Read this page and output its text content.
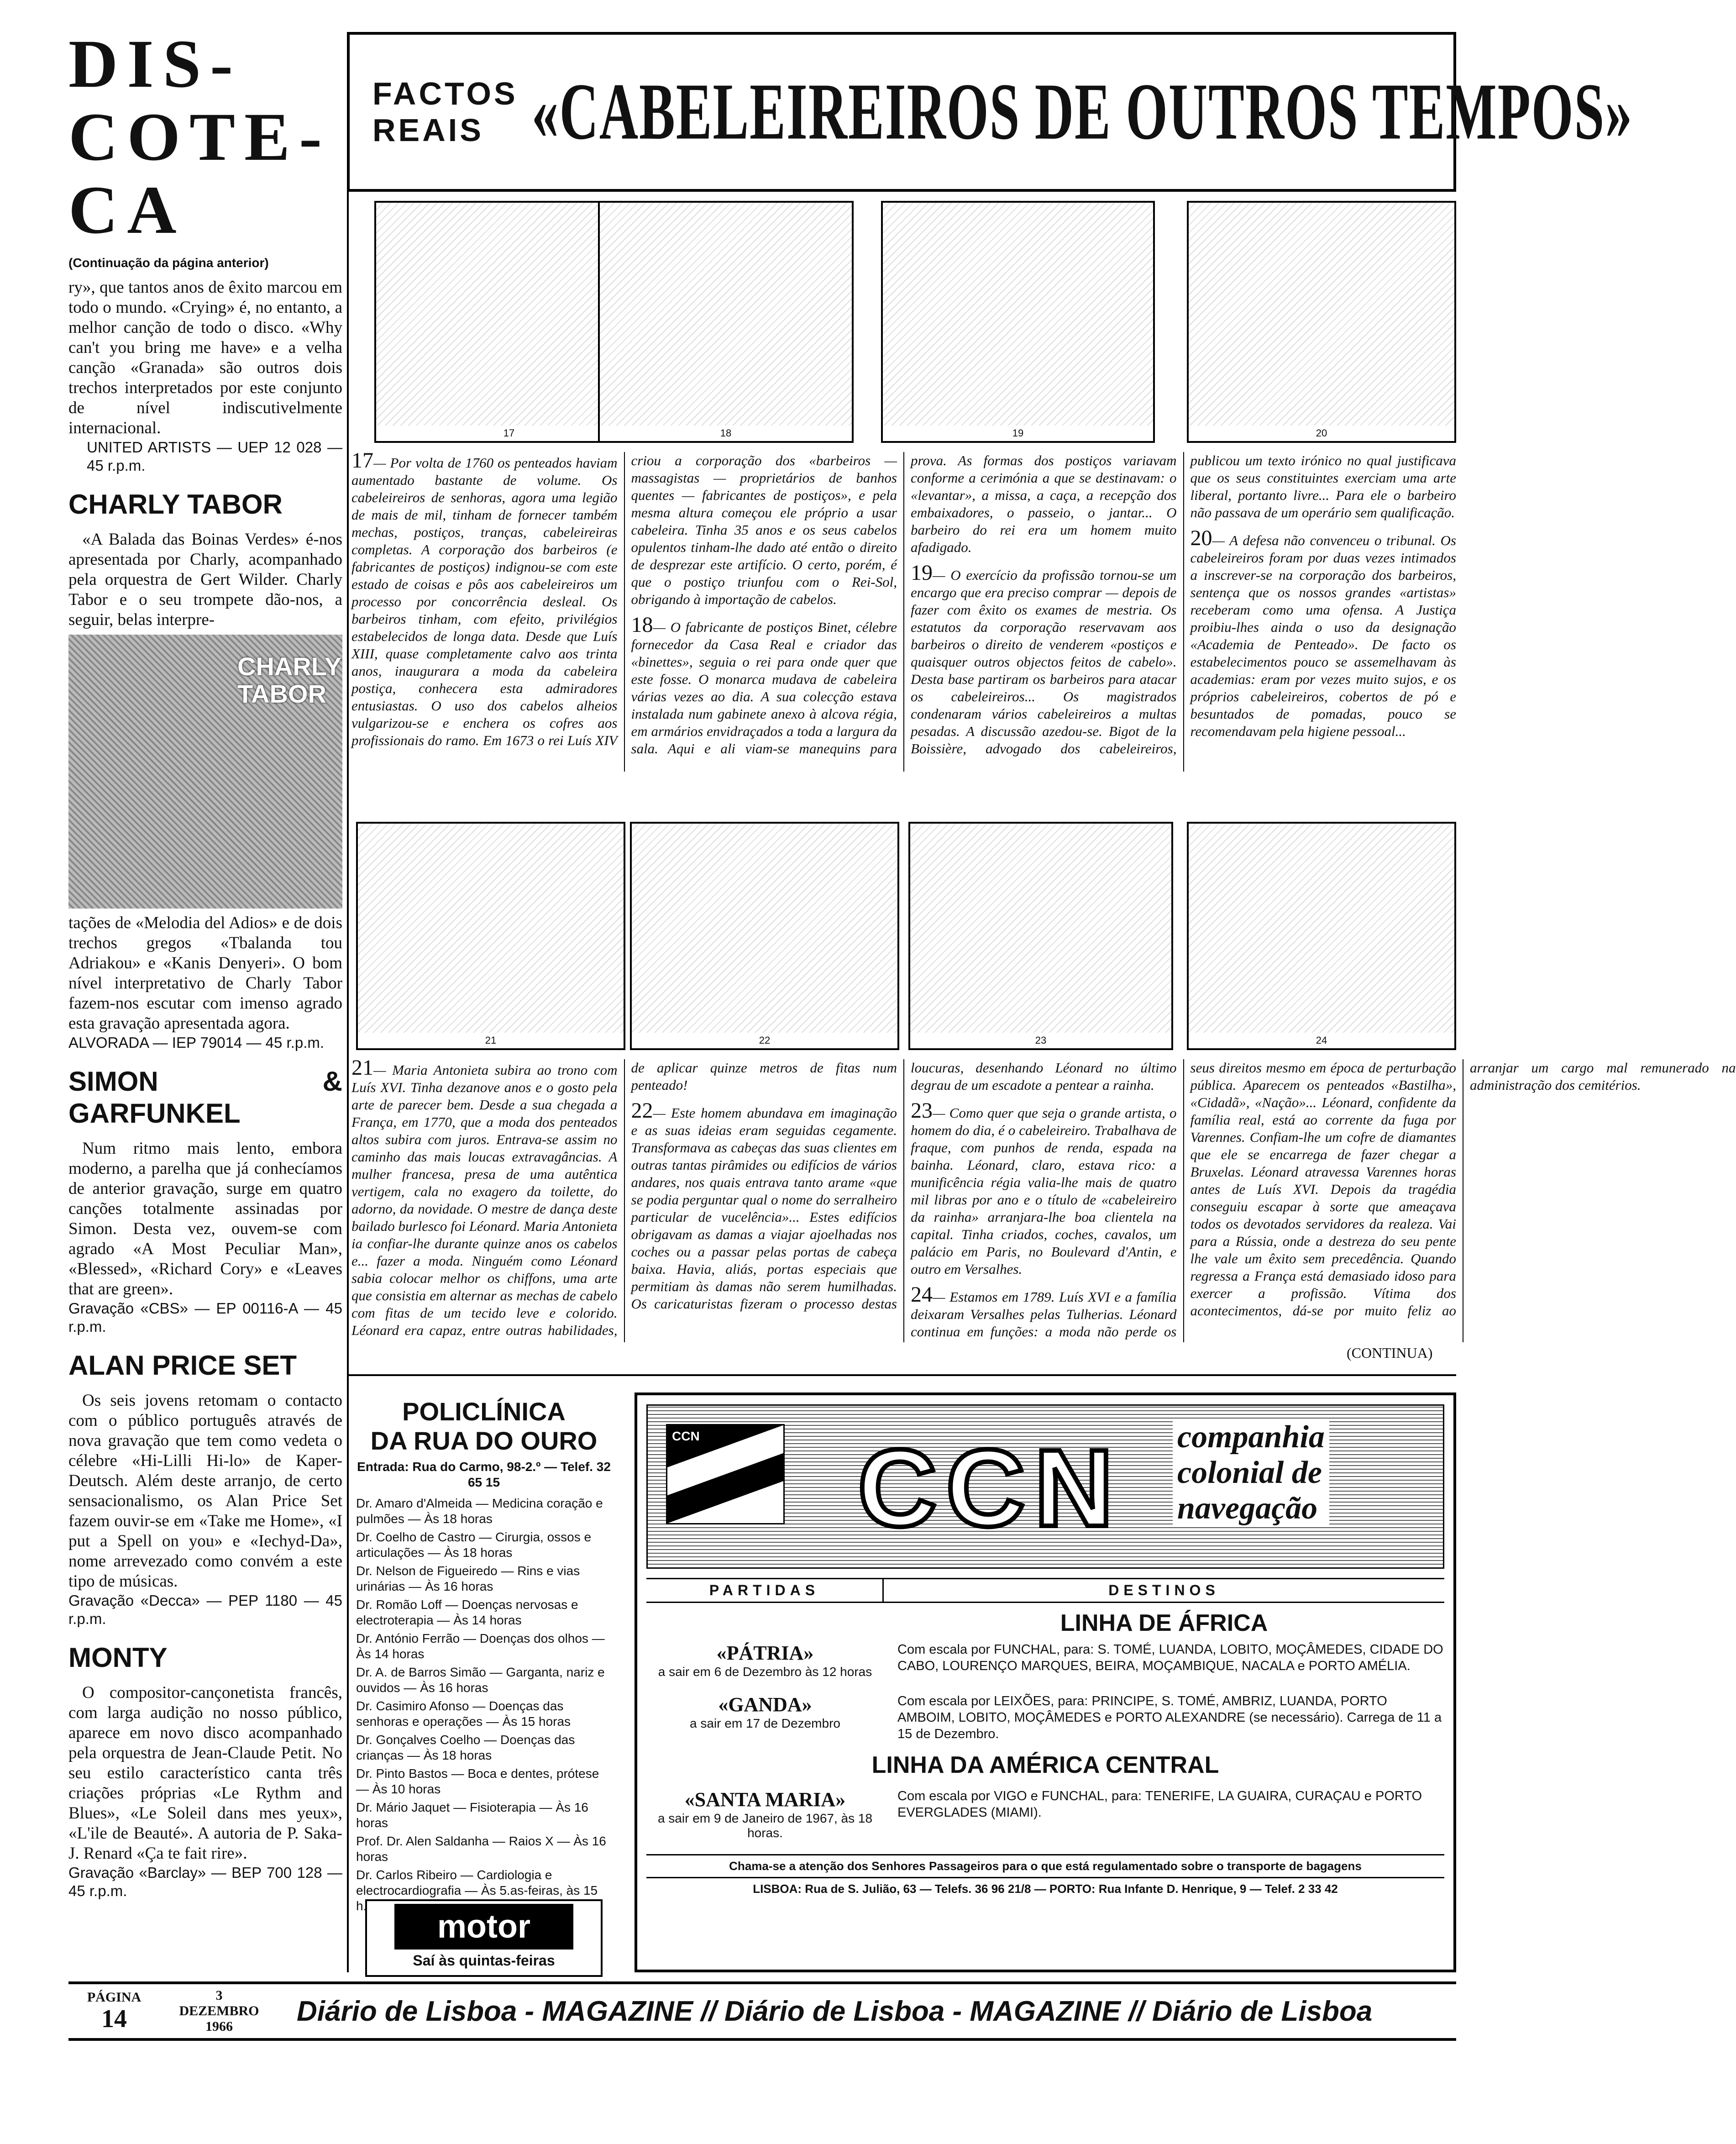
DIS-
COTE-
CA
(Continuação da página anterior)

ry», que tantos anos de êxito marcou em todo o mundo. «Crying» é, no entanto, a melhor canção de todo o disco. «Why can't you bring me have» e a velha canção «Granada» são outros dois trechos interpretados por este conjunto de nível indiscutivelmente internacional.

UNITED ARTISTS — UEP 12 028 — 45 r.p.m.
CHARLY TABOR

«A Balada das Boinas Verdes» é-nos apresentada por Charly, acompanhado pela orquestra de Gert Wilder. Charly Tabor e o seu trompete dão-nos, a seguir, belas interpre-

CHARLY TABOR

tações de «Melodia del Adios» e de dois trechos gregos «Tbalanda tou Adriakou» e «Kanis Denyeri». O bom nível interpretativo de Charly Tabor fazem-nos escutar com imenso agrado esta gravação apresentada agora.

ALVORADA — IEP 79014 — 45 r.p.m.
SIMON & GARFUNKEL

Num ritmo mais lento, embora moderno, a parelha que já conhecíamos de anterior gravação, surge em quatro canções totalmente assinadas por Simon. Desta vez, ouvem-se com agrado «A Most Peculiar Man», «Blessed», «Richard Cory» e «Leaves that are green».

Gravação «CBS» — EP 00116-A — 45 r.p.m.
ALAN PRICE SET

Os seis jovens retomam o contacto com o público português através de nova gravação que tem como vedeta o célebre «Hi-Lilli Hi-lo» de Kaper-Deutsch. Além deste arranjo, de certo sensacionalismo, os Alan Price Set fazem ouvir-se em «Take me Home», «I put a Spell on you» e «Iechyd-Da», nome arrevezado como convém a este tipo de músicas.

Gravação «Decca» — PEP 1180 — 45 r.p.m.
MONTY

O compositor-cançonetista francês, com larga audição no nosso público, aparece em novo disco acompanhado pela orquestra de Jean-Claude Petit. No seu estilo característico canta três criações próprias «Le Rythm and Blues», «Le Soleil dans mes yeux», «L'ile de Beauté». A autoria de P. Saka-J. Renard «Ça te fait rire».

Gravação «Barclay» — BEP 700 128 — 45 r.p.m.
FACTOS
REAIS «CABELEIREIROS DE OUTROS TEMPOS»
17	18	19	20

17— Por volta de 1760 os penteados haviam aumentado bastante de volume. Os cabeleireiros de senhoras, agora uma legião de mais de mil, tinham de fornecer também mechas, postiços, tranças, cabeleireiras completas. A corporação dos barbeiros (e fabricantes de postiços) indignou-se com este estado de coisas e pôs aos cabeleireiros um processo por concorrência desleal. Os barbeiros tinham, com efeito, privilégios estabelecidos de longa data. Desde que Luís XIII, quase completamente calvo aos trinta anos, inaugurara a moda da cabeleira postiça, conhecera esta admiradores entusiastas. O uso dos cabelos alheios vulgarizou-se e enchera os cofres aos profissionais do ramo. Em 1673 o rei Luís XIV criou a corporação dos «barbeiros — massagistas — proprietários de banhos quentes — fabricantes de postiços», e pela mesma altura começou ele próprio a usar cabeleira. Tinha 35 anos e os seus cabelos opulentos tinham-lhe dado até então o direito de desprezar este artifício. O certo, porém, é que o postiço triunfou com o Rei-Sol, obrigando à importação de cabelos.

18— O fabricante de postiços Binet, célebre fornecedor da Casa Real e criador das «binettes», seguia o rei para onde quer que este fosse. O monarca mudava de cabeleira várias vezes ao dia. A sua colecção estava instalada num gabinete anexo à alcova régia, em armários envidraçados a toda a largura da sala. Aqui e ali viam-se manequins para prova. As formas dos postiços variavam conforme a cerimónia a que se destinavam: o «levantar», a missa, a caça, a recepção dos embaixadores, o passeio, o jantar... O barbeiro do rei era um homem muito afadigado.

19— O exercício da profissão tornou-se um encargo que era preciso comprar — depois de fazer com êxito os exames de mestria. Os estatutos da corporação reservavam aos barbeiros o direito de venderem «postiços e quaisquer outros objectos feitos de cabelo». Desta base partiram os barbeiros para atacar os cabeleireiros... Os magistrados condenaram vários cabeleireiros a multas pesadas. A discussão azedou-se. Bigot de la Boissière, advogado dos cabeleireiros, publicou um texto irónico no qual justificava que os seus constituintes exerciam uma arte liberal, portanto livre... Para ele o barbeiro não passava de um operário sem qualificação.

20— A defesa não convenceu o tribunal. Os cabeleireiros foram por duas vezes intimados a inscrever-se na corporação dos barbeiros, sentença que os nossos grandes «artistas» receberam como uma ofensa. A Justiça proibiu-lhes ainda o uso da designação «Academia de Penteado». De facto os estabelecimentos pouco se assemelhavam às academias: eram por vezes muito sujos, e os próprios cabeleireiros, cobertos de pó e besuntados de pomadas, pouco se recomendavam pela higiene pessoal...

21	22	23	24

21— Maria Antonieta subira ao trono com Luís XVI. Tinha dezanove anos e o gosto pela arte de parecer bem. Desde a sua chegada a França, em 1770, que a moda dos penteados altos subira com juros. Entrava-se assim no caminho das mais loucas extravagâncias. A mulher francesa, presa de uma autêntica vertigem, cala no exagero da toilette, do adorno, da novidade. O mestre de dança deste bailado burlesco foi Léonard. Maria Antonieta ia confiar-lhe durante quinze anos os cabelos e... fazer a moda. Ninguém como Léonard sabia colocar melhor os chiffons, uma arte que consistia em alternar as mechas de cabelo com fitas de um tecido leve e colorido. Léonard era capaz, entre outras habilidades, de aplicar quinze metros de fitas num penteado!

22— Este homem abundava em imaginação e as suas ideias eram seguidas cegamente. Transformava as cabeças das suas clientes em outras tantas pirâmides ou edifícios de vários andares, nos quais entrava tanto arame «que se podia perguntar qual o nome do serralheiro particular de vucelência»... Estes edifícios obrigavam as damas a viajar ajoelhadas nos coches ou a passar pelas portas de cabeça baixa. Havia, aliás, portas especiais que permitiam às damas não serem humilhadas. Os caricaturistas fizeram o processo destas loucuras, desenhando Léonard no último degrau de um escadote a pentear a rainha.

23— Como quer que seja o grande artista, o homem do dia, é o cabeleireiro. Trabalhava de fraque, com punhos de renda, espada na bainha. Léonard, claro, estava rico: a munificência régia valia-lhe mais de quatro mil libras por ano e o título de «cabeleireiro da rainha» arranjara-lhe boa clientela na capital. Tinha criados, coches, cavalos, um palácio em Paris, no Boulevard d'Antin, e outro em Versalhes.

24— Estamos em 1789. Luís XVI e a família deixaram Versalhes pelas Tulherias. Léonard continua em funções: a moda não perde os seus direitos mesmo em época de perturbação pública. Aparecem os penteados «Bastilha», «Cidadã», «Nação»... Léonard, confidente da família real, está ao corrente da fuga por Varennes. Confiam-lhe um cofre de diamantes que ele se encarrega de fazer chegar a Bruxelas. Léonard atravessa Varennes horas antes de Luís XVI. Depois da tragédia conseguiu escapar à sorte que ameaçava todos os devotados servidores da realeza. Vai para a Rússia, onde a destreza do seu pente lhe vale um êxito sem precedência. Quando regressa a França está demasiado idoso para exercer a profissão. Vítima dos acontecimentos, dá-se por muito feliz ao arranjar um cargo mal remunerado na administração dos cemitérios.

(CONTINUA)
POLICLÍNICA
DA RUA DO OURO
Entrada: Rua do Carmo, 98-2.º — Telef. 32 65 15
Dr. Amaro d'Almeida — Medicina coração e pulmões — Às 18 horas
Dr. Coelho de Castro — Cirurgia, ossos e articulações — Às 18 horas
Dr. Nelson de Figueiredo — Rins e vias urinárias — Às 16 horas
Dr. Romão Loff — Doenças nervosas e electroterapia — Às 14 horas
Dr. António Ferrão — Doenças dos olhos — Às 14 horas
Dr. A. de Barros Simão — Garganta, nariz e ouvidos — Às 16 horas
Dr. Casimiro Afonso — Doenças das senhoras e operações — Às 15 horas
Dr. Gonçalves Coelho — Doenças das crianças — Às 18 horas
Dr. Pinto Bastos — Boca e dentes, prótese — Às 10 horas
Dr. Mário Jaquet — Fisioterapia — Às 16 horas
Prof. Dr. Alen Saldanha — Raios X — Às 16 horas
Dr. Carlos Ribeiro — Cardiologia e electrocardiografia — Às 5.as-feiras, às 15 h.
motor
Saí às quintas-feiras
CCN CCN companhia
colonial de
navegação
PARTIDAS	DESTINOS
LINHA DE ÁFRICA
«PÁTRIA»
a sair em 6 de Dezembro às 12 horas
Com escala por FUNCHAL, para: S. TOMÉ, LUANDA, LOBITO, MOÇÂMEDES, CIDADE DO CABO, LOURENÇO MARQUES, BEIRA, MOÇAMBIQUE, NACALA e PORTO AMÉLIA.
«GANDA»
a sair em 17 de Dezembro
Com escala por LEIXÕES, para: PRINCIPE, S. TOMÉ, AMBRIZ, LUANDA, PORTO AMBOIM, LOBITO, MOÇÂMEDES e PORTO ALEXANDRE (se necessário). Carrega de 11 a 15 de Dezembro.
LINHA DA AMÉRICA CENTRAL
«SANTA MARIA»
a sair em 9 de Janeiro de 1967, às 18 horas.
Com escala por VIGO e FUNCHAL, para: TENERIFE, LA GUAIRA, CURAÇAU e PORTO EVERGLADES (MIAMI).
Chama-se a atenção dos Senhores Passageiros para o que está regulamentado sobre o transporte de bagagens
LISBOA: Rua de S. Julião, 63 — Telefs. 36 96 21/8 — PORTO: Rua Infante D. Henrique, 9 — Telef. 2 33 42
PÁGINA
14
3
DEZEMBRO
1966	Diário de Lisboa - MAGAZINE // Diário de Lisboa - MAGAZINE // Diário de Lisboa
